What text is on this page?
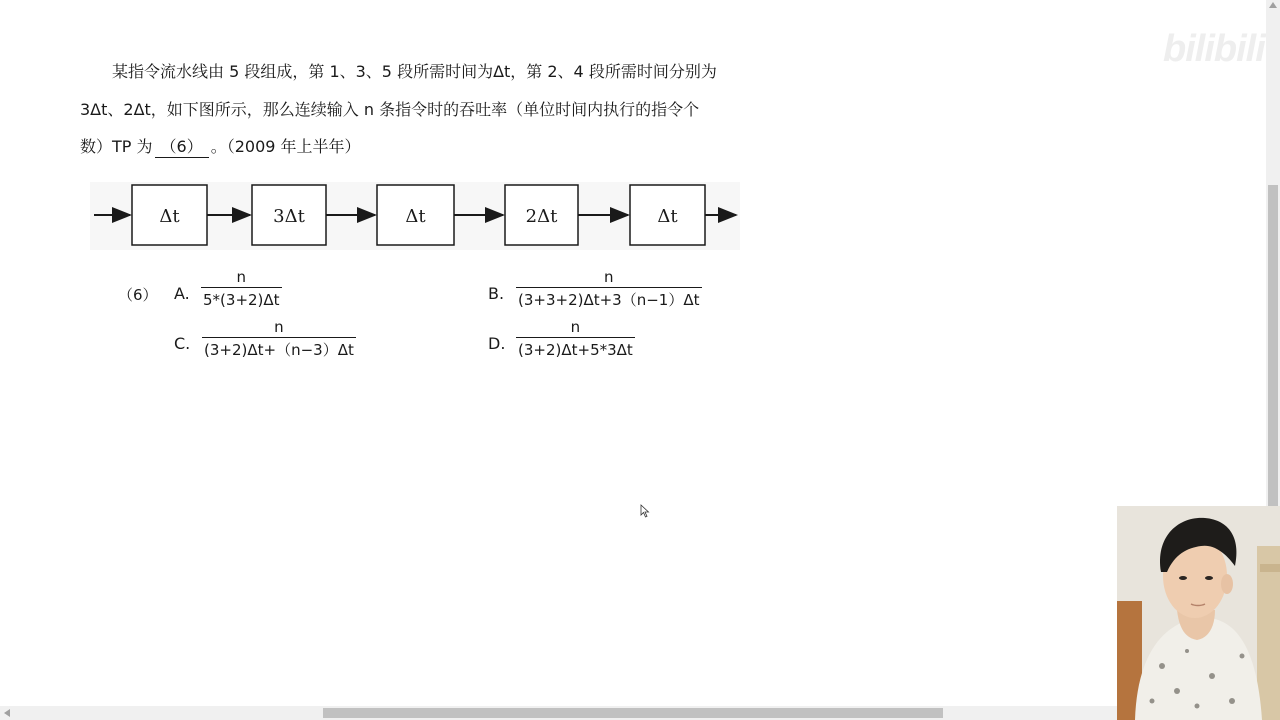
某指令流水线由 5 段组成，第 1、3、5 段所需时间为Δt，第 2、4 段所需时间分别为
3Δt、2Δt，如下图所示，那么连续输入 n 条指令时的吞吐率（单位时间内执行的指令个
数）TP 为 （6） 。（2009 年上半年）
Δt	3Δt	Δt	2Δt	Δt
（6） A. $\frac{n}{5*(3+2)\Delta t}$	B. $\frac{n}{(3+3+2)\Delta t+3(n-1)\Delta t}$
C. $\frac{n}{(3+2)\Delta t+(n-3)\Delta t}$	D. $\frac{n}{(3+2)\Delta t+5*3\Delta t}$
bilibili
